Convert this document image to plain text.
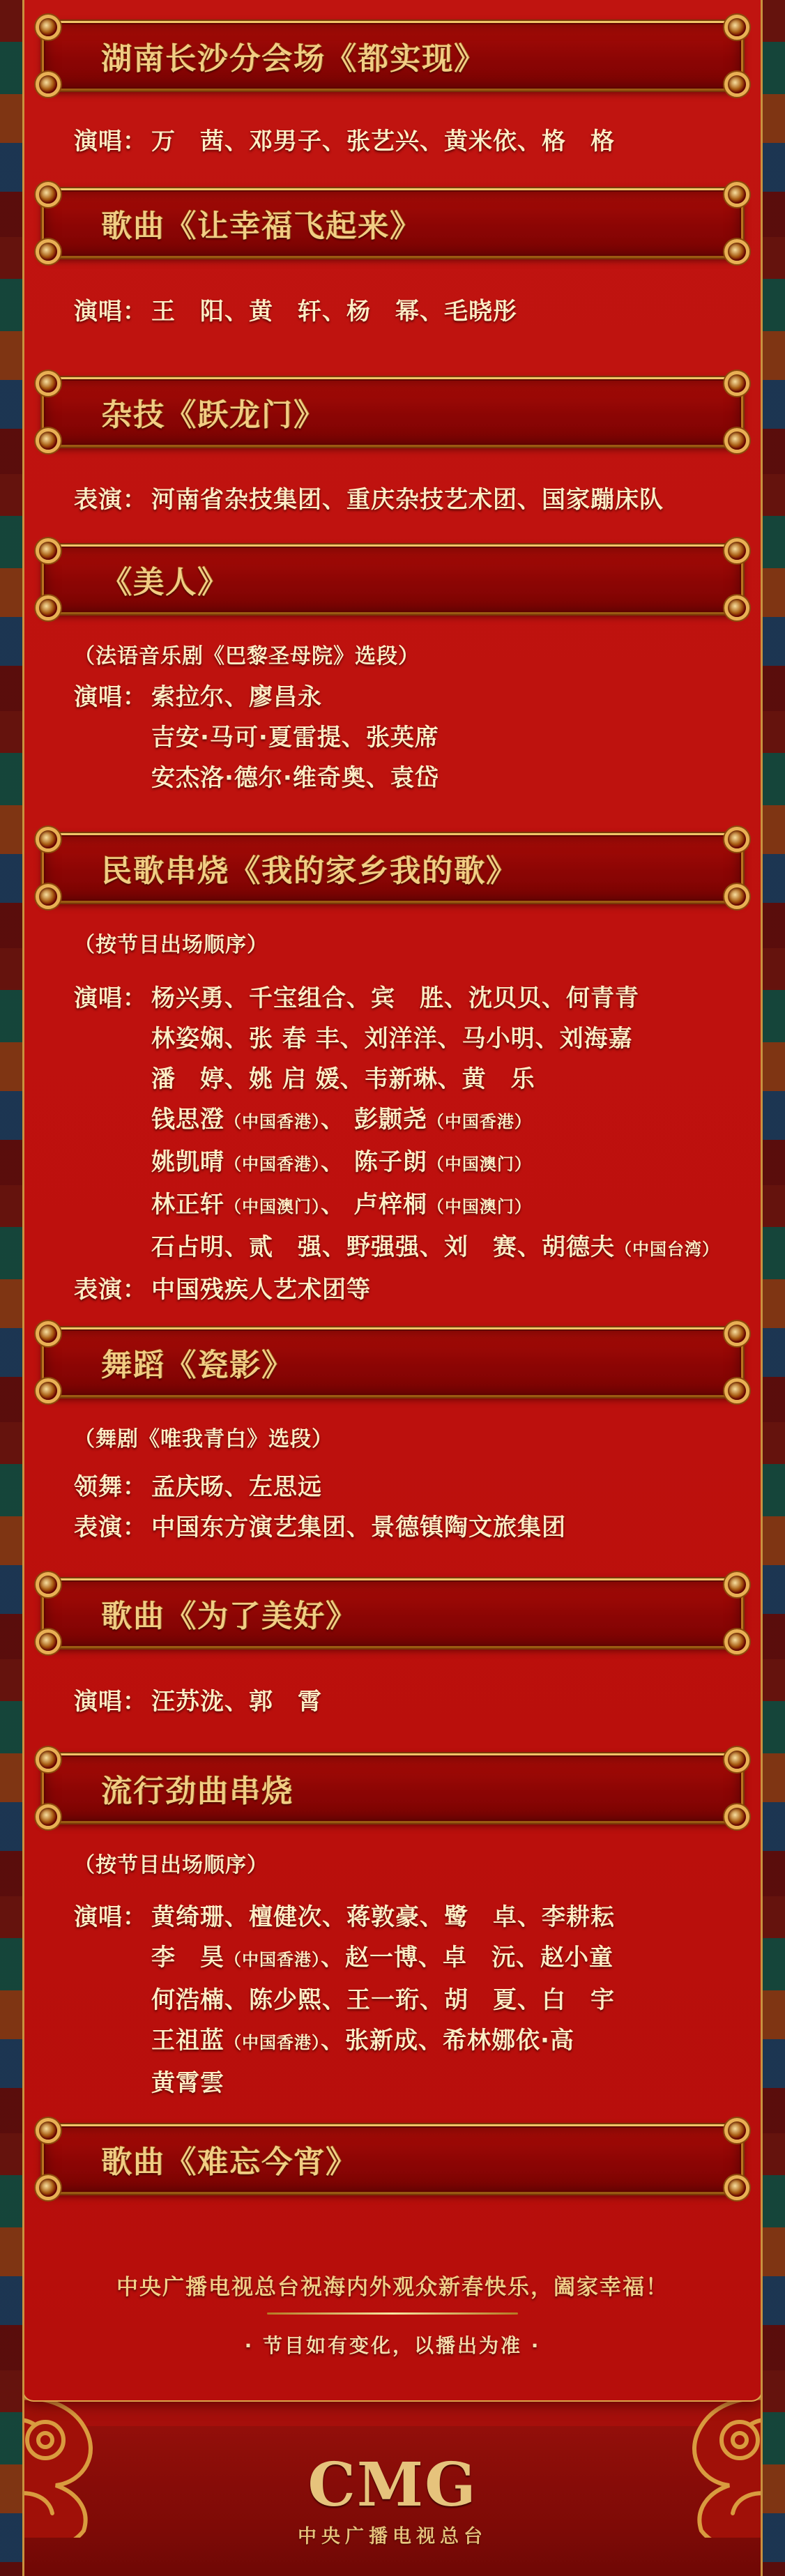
CMG
中央广播电视总台
湖南长沙分会场《都实现》
演唱： 万　茜、邓男子、张艺兴、黄米依、格　格
歌曲《让幸福飞起来》
演唱： 王　阳、黄　轩、杨　幂、毛晓彤
杂技《跃龙门》
表演： 河南省杂技集团、重庆杂技艺术团、国家蹦床队
《美人》
（法语音乐剧《巴黎圣母院》选段）
演唱： 索拉尔、廖昌永
吉安·马可·夏雷提、张英席
安杰洛·德尔·维奇奥、袁岱
民歌串烧《我的家乡我的歌》
（按节目出场顺序）
演唱： 杨兴勇、千宝组合、宾　胜、沈贝贝、何青青
林姿娴、张 春 丰、刘洋洋、马小明、刘海嘉
潘　婷、姚 启 媛、韦新琳、黄　乐
钱思澄（中国香港）、 彭颢尧（中国香港）
姚凯晴（中国香港）、 陈子朗（中国澳门）
林正轩（中国澳门）、 卢梓桐（中国澳门）
石占明、贰　强、野强强、刘　赛、胡德夫（中国台湾）
表演： 中国残疾人艺术团等
舞蹈《瓷影》
（舞剧《唯我青白》选段）
领舞： 孟庆旸、左思远
表演： 中国东方演艺集团、景德镇陶文旅集团
歌曲《为了美好》
演唱： 汪苏泷、郭　霄
流行劲曲串烧
（按节目出场顺序）
演唱： 黄绮珊、檀健次、蒋敦豪、鹭　卓、李耕耘
李　昊（中国香港）、赵一博、卓　沅、赵小童
何浩楠、陈少熙、王一珩、胡　夏、白　宇
王祖蓝（中国香港）、张新成、希林娜依·高
黄霄雲
歌曲《难忘今宵》
中央广播电视总台祝海内外观众新春快乐，阖家幸福！
· 节目如有变化，以播出为准 ·
